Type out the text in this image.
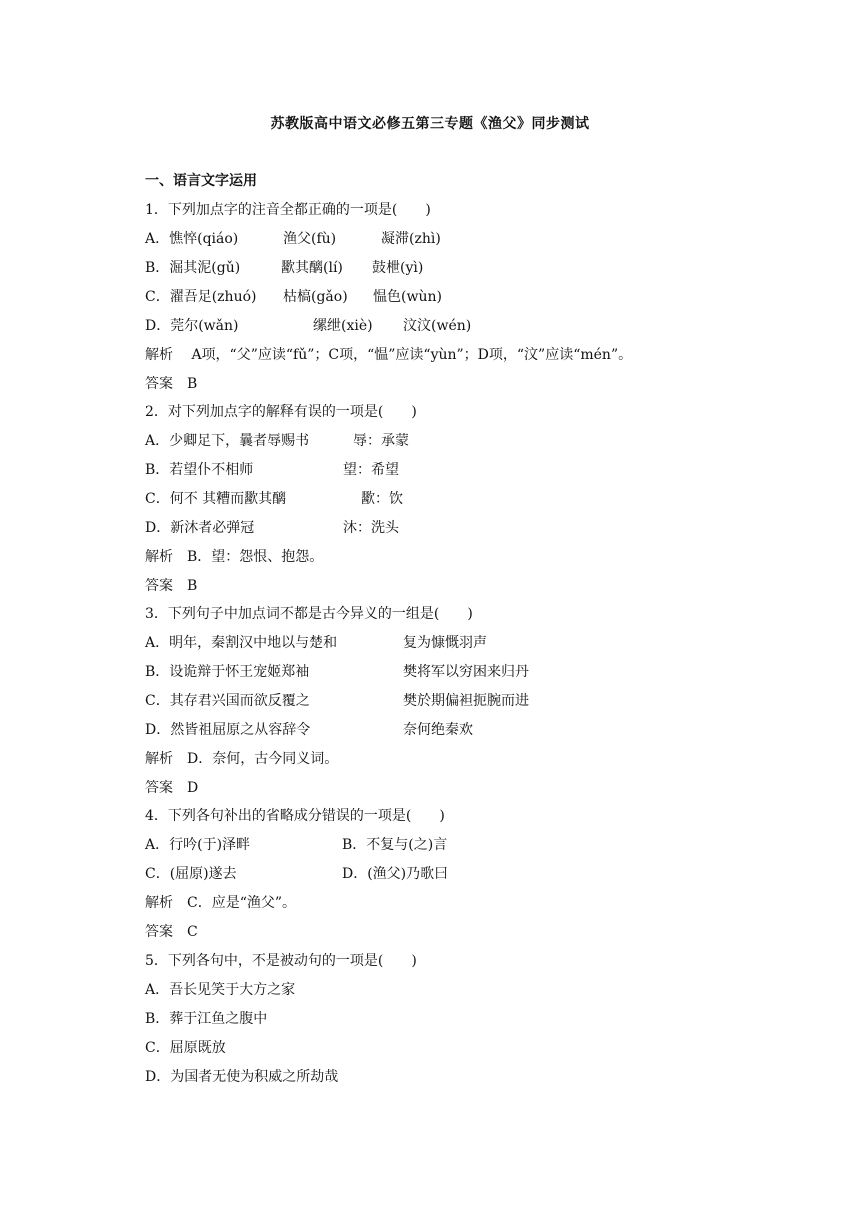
苏教版高中语文必修五第三专题《渔父》同步测试
一、语言文字运用
1．下列加点字的注音全都正确的一项是(　　)
A．憔悴(qiáo)	渔父(fù)	凝滞(zhì)
B．淈其泥(gǔ)	歠其醨(lí) 鼓枻(yì)
C．濯吾足(zhuó) 枯槁(gǎo) 愠色(wùn)
D．莞尔(wǎn)	缧绁(xiè) 汶汶(wén)
解析　 A项，“父”应读“fǔ”；C项，“愠”应读“yùn”；D项，“汶”应读“mén”。
答案　B
2．对下列加点字的解释有误的一项是(　　)
A．少卿足下，曩者辱赐书	辱：承蒙
B．若望仆不相师	望：希望
C．何不 其糟而歠其醨	歠：饮
D．新沐者必弹冠	沐：洗头
解析　B．望：怨恨、抱怨。
答案　B
3．下列句子中加点词不都是古今异义的一组是(　　)
A．明年，秦割汉中地以与楚和	复为慷慨羽声
B．设诡辩于怀王宠姬郑袖	樊将军以穷困来归丹
C．其存君兴国而欲反覆之	樊於期偏袒扼腕而进
D．然皆祖屈原之从容辞令	奈何绝秦欢
解析　D．奈何，古今同义词。
答案　D
4．下列各句补出的省略成分错误的一项是(　　)
A．行吟(于)泽畔	B．不复与(之)言
C．(屈原)遂去	D．(渔父)乃歌曰
解析　C．应是“渔父”。
答案　C
5．下列各句中，不是被动句的一项是(　　)
A．吾长见笑于大方之家
B．葬于江鱼之腹中
C．屈原既放
D．为国者无使为积威之所劫哉
